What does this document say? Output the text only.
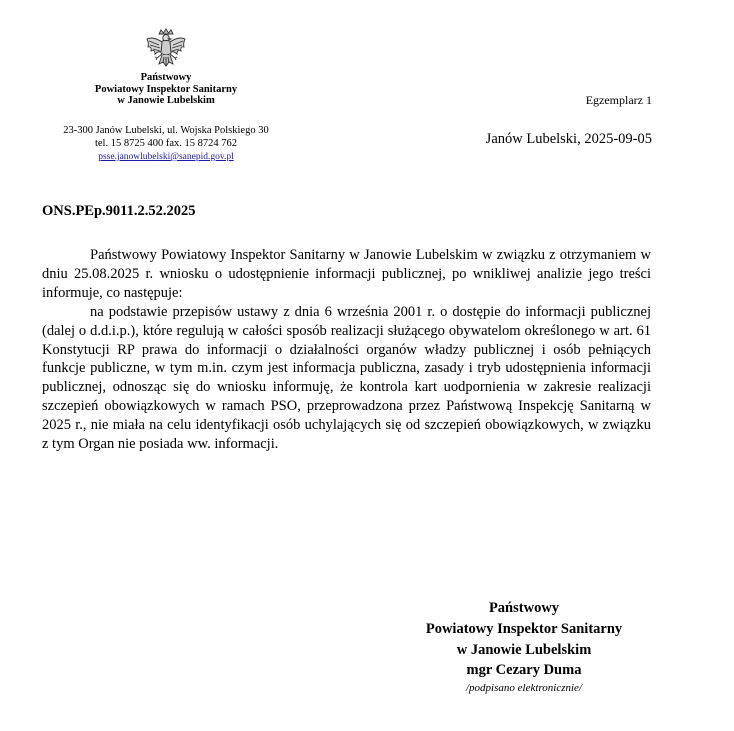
Państwowy
Powiatowy Inspektor Sanitarny
w Janowie Lubelskim
23-300 Janów Lubelski, ul. Wojska Polskiego 30
tel. 15 8725 400 fax. 15 8724 762
psse.janowlubelski@sanepid.gov.pl
Egzemplarz 1
Janów Lubelski, 2025-09-05
ONS.PEp.9011.2.52.2025

Państwowy Powiatowy Inspektor Sanitarny w Janowie Lubelskim w związku z otrzymaniem w dniu 25.08.2025 r. wniosku o udostępnienie informacji publicznej, po wnikliwej analizie jego treści informuje, co następuje:

na podstawie przepisów ustawy z dnia 6 września 2001 r. o dostępie do informacji publicznej (dalej o d.d.i.p.), które regulują w całości sposób realizacji służącego obywatelom określonego w art. 61 Konstytucji RP prawa do informacji o działalności organów władzy publicznej i osób pełniących funkcje publiczne, w tym m.in. czym jest informacja publiczna, zasady i tryb udostępnienia informacji publicznej, odnosząc się do wniosku informuję, że kontrola kart uodpornienia w zakresie realizacji szczepień obowiązkowych w ramach PSO, przeprowadzona przez Państwową Inspekcję Sanitarną w 2025 r., nie miała na celu identyfikacji osób uchylających się od szczepień obowiązkowych, w związku z tym Organ nie posiada ww. informacji.

Państwowy
Powiatowy Inspektor Sanitarny
w Janowie Lubelskim
mgr Cezary Duma
/podpisano elektronicznie/
